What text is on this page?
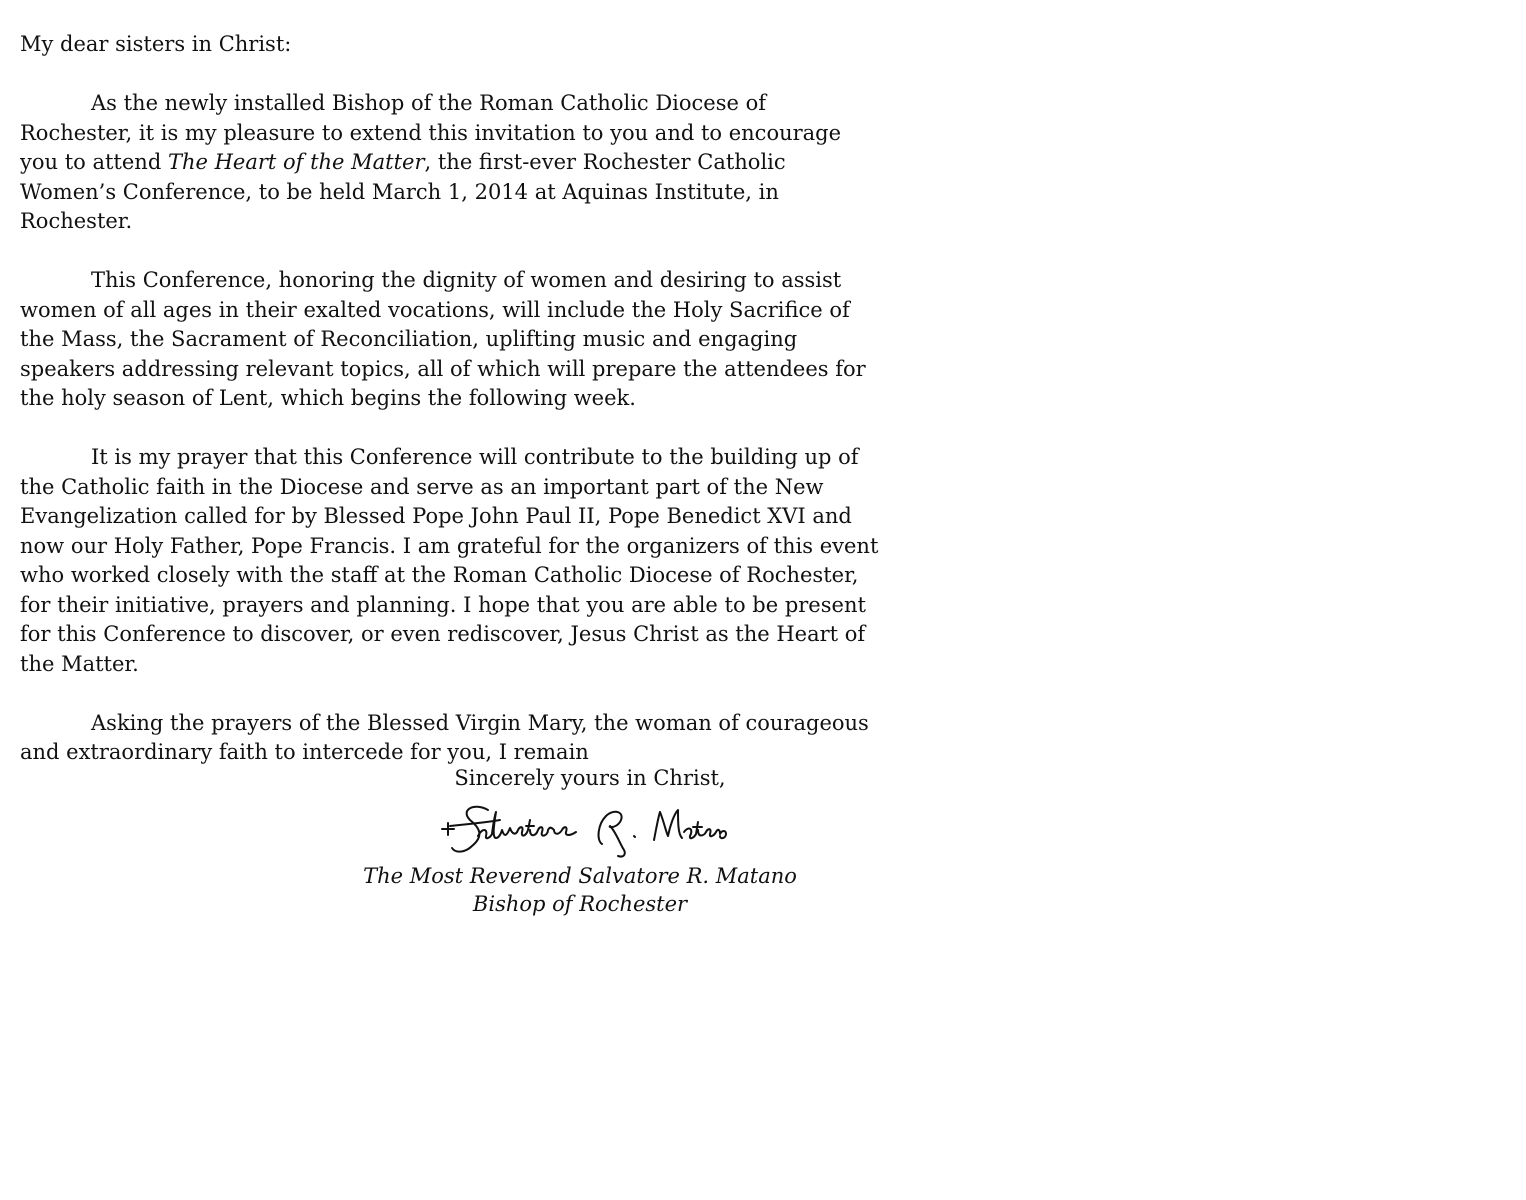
My dear sisters in Christ:

As the newly installed Bishop of the Roman Catholic Diocese of Rochester, it is my pleasure to extend this invitation to you and to encourage you to attend The Heart of the Matter, the first-ever Rochester Catholic Women’s Conference, to be held March 1, 2014 at Aquinas Institute, in Rochester.

This Conference, honoring the dignity of women and desiring to assist women of all ages in their exalted vocations, will include the Holy Sacrifice of the Mass, the Sacrament of Reconciliation, uplifting music and engaging speakers addressing relevant topics, all of which will prepare the attendees for the holy season of Lent, which begins the following week.

It is my prayer that this Conference will contribute to the building up of the Catholic faith in the Diocese and serve as an important part of the New Evangelization called for by Blessed Pope John Paul II, Pope Benedict XVI and now our Holy Father, Pope Francis. I am grateful for the organizers of this event who worked closely with the staff at the Roman Catholic Diocese of Rochester, for their initiative, prayers and planning. I hope that you are able to be present for this Conference to discover, or even rediscover, Jesus Christ as the Heart of the Matter.

Asking the prayers of the Blessed Virgin Mary, the woman of courageous and extraordinary faith to intercede for you, I remain

Sincerely yours in Christ,
The Most Reverend Salvatore R. Matano
Bishop of Rochester
